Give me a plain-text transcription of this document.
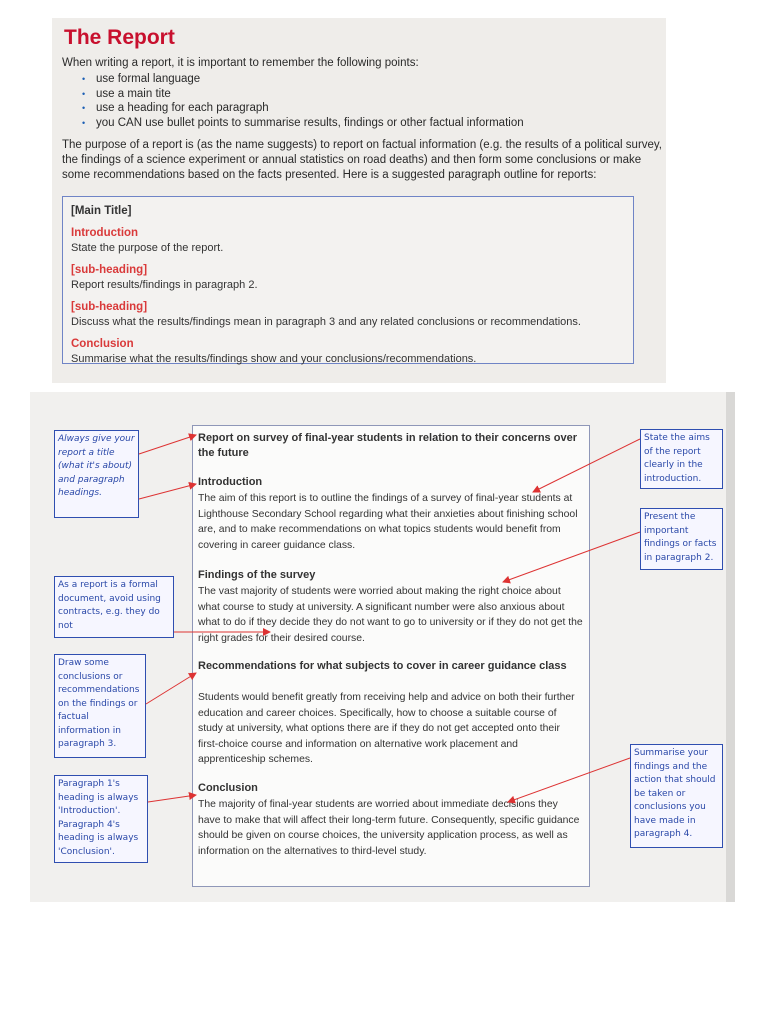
The Report
When writing a report, it is important to remember the following points:
• use formal language
• use a main tite
• use a heading for each paragraph
• you CAN use bullet points to summarise results, findings or other factual information

The purpose of a report is (as the name suggests) to report on factual information (e.g. the results of a political survey, the findings of a science experiment or annual statistics on road deaths) and then form some conclusions or make some recommendations based on the facts presented. Here is a suggested paragraph outline for reports:

[Main Title]
Introduction
State the purpose of the report.
[sub-heading]
Report results/findings in paragraph 2.
[sub-heading]
Discuss what the results/findings mean in paragraph 3 and any related conclusions or recommendations.
Conclusion
Summarise what the results/findings show and your conclusions/recommendations.
Report on survey of final-year students in relation to their concerns over the future
Introduction

The aim of this report is to outline the findings of a survey of final-year students at Lighthouse Secondary School regarding what their anxieties about finishing school are, and to make recommendations on what topics students would benefit from covering in career guidance class.

Findings of the survey

The vast majority of students were worried about making the right choice about what course to study at university. A significant number were also anxious about what to do if they decide they do not want to go to university or if they do not get the right grades for their desired course.

Recommendations for what subjects to cover in career guidance class

Students would benefit greatly from receiving help and advice on both their further education and career choices. Specifically, how to choose a suitable course of study at university, what options there are if they do not get accepted onto their first-choice course and information on alternative work placement and apprenticeship schemes.

Conclusion

The majority of final-year students are worried about immediate decisions they have to make that will affect their long-term future. Consequently, specific guidance should be given on course choices, the university application process, as well as information on the alternatives to third-level study.

Always give your report a title (what it's about) and paragraph headings.
As a report is a formal document, avoid using contracts, e.g. they do not
Draw some conclusions or recommendations on the findings or factual information in paragraph 3.
Paragraph 1's heading is always 'Introduction'. Paragraph 4's heading is always 'Conclusion'.
State the aims of the report clearly in the introduction.
Present the important findings or facts in paragraph 2.
Summarise your findings and the action that should be taken or conclusions you have made in paragraph 4.
